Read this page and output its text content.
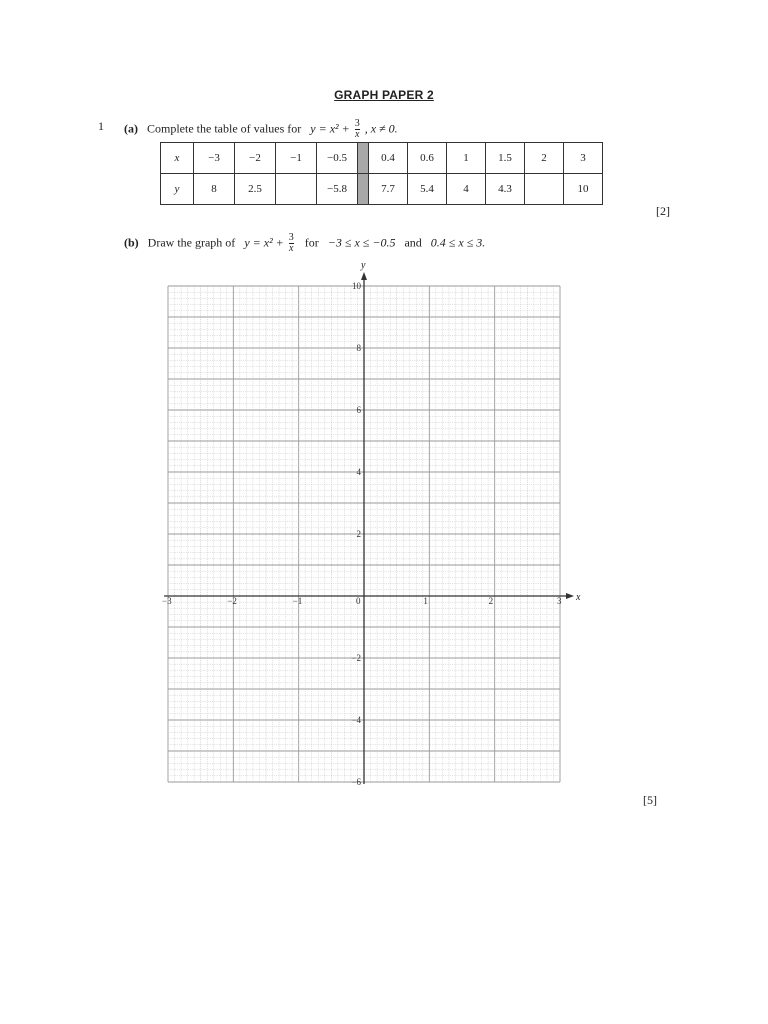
GRAPH PAPER 2
1 (a) Complete the table of values for $y = x^2 + \frac{3}{x}$ , x ≠ 0.
x	−3	−2	−1	−0.5		0.4	0.6	1	1.5	2	3
y	8	2.5		−5.8		7.7	5.4	4	4.3		10
[2]
(b) Draw the graph of $y = x^2 + \frac{3}{x}$ for −3 ≤ x ≤ −0.5 and 0.4 ≤ x ≤ 3.
x
y
−3	−2	−1	0	1	2	3
10
8
6
4
2
−2
−4
−6
[5]
